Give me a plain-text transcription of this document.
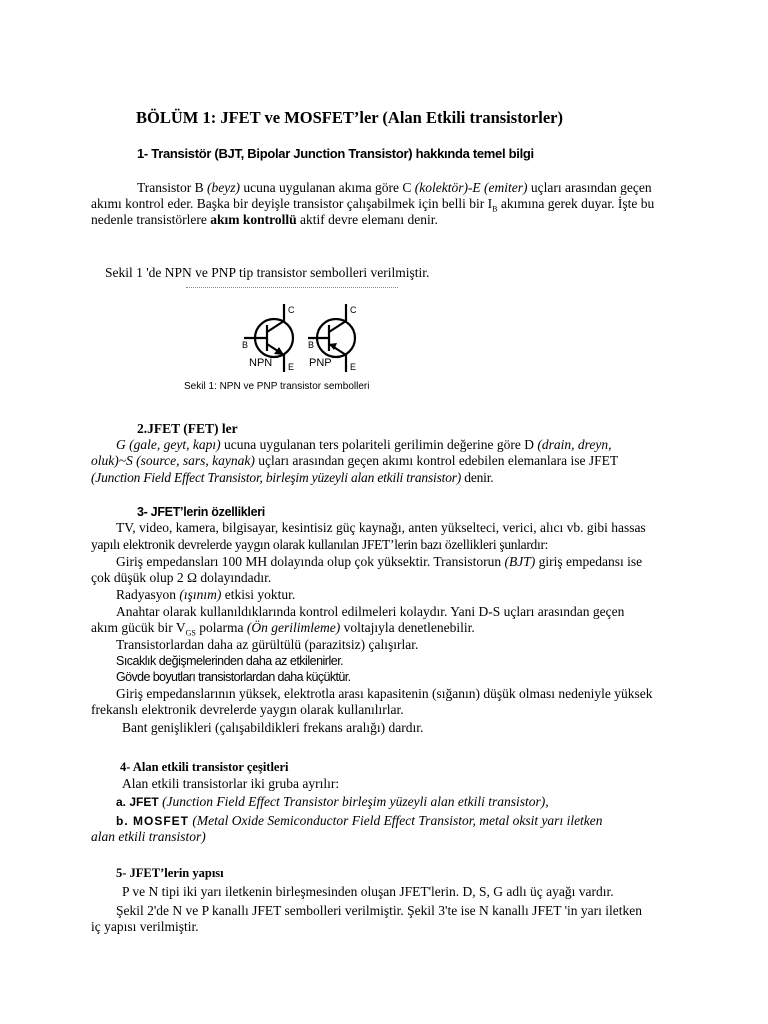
BÖLÜM 1: JFET ve MOSFET’ler (Alan Etkili transistorler)
1- Transistör (BJT, Bipolar Junction Transistor) hakkında temel bilgi
Transistor B (beyz) ucuna uygulanan akıma göre C (kolektör)-E (emiter) uçları arasından geçen
akımı kontrol eder. Başka bir deyişle transistor çalışabilmek için belli bir $I_B$ akımına gerek duyar. İşte bu
nedenle transistörlere akım kontrollü aktif devre elemanı denir.
Sekil 1 'de NPN ve PNP tip transistor sembolleri verilmiştir.
C
B
E
C
B
E
NPN	PNP
Sekil 1: NPN ve PNP transistor sembolleri
2.JFET (FET) ler
G (gale, geyt, kapı) ucuna uygulanan ters polariteli gerilimin değerine göre D (drain, dreyn,
oluk)~S (source, sars, kaynak) uçları arasından geçen akımı kontrol edebilen elemanlara ise JFET
(Junction Field Effect Transistor, birleşim yüzeyli alan etkili transistor) denir.
3- JFET’lerin özellikleri
TV, video, kamera, bilgisayar, kesintisiz güç kaynağı, anten yükselteci, verici, alıcı vb. gibi hassas
yapılı elektronik devrelerde yaygın olarak kullanılan JFET’lerin bazı özellikleri şunlardır:
Giriş empedansları 100 MH dolayında olup çok yüksektir. Transistorun (BJT) giriş empedansı ise
çok düşük olup 2 Ω dolayındadır.
Radyasyon (ışınım) etkisi yoktur.
Anahtar olarak kullanıldıklarında kontrol edilmeleri kolaydır. Yani D-S uçları arasından geçen
akım gücük bir $V_{GS}$ polarma (Ön gerilimleme) voltajıyla denetlenebilir.
Transistorlardan daha az gürültülü (parazitsiz) çalışırlar.
Sıcaklık değişmelerinden daha az etkilenirler.
Gövde boyutları transistorlardan daha küçüktür.
Giriş empedanslarının yüksek, elektrotla arası kapasitenin (sığanın) düşük olması nedeniyle yüksek
frekanslı elektronik devrelerde yaygın olarak kullanılırlar.
Bant genişlikleri (çalışabildikleri frekans aralığı) dardır.
4- Alan etkili transistor çeşitleri
Alan etkili transistorlar iki gruba ayrılır:
a. JFET (Junction Field Effect Transistor birleşim yüzeyli alan etkili transistor),
b. MOSFET (Metal Oxide Semiconductor Field Effect Transistor, metal oksit yarı iletken
alan etkili transistor)
5- JFET’lerin yapısı
P ve N tipi iki yarı iletkenin birleşmesinden oluşan JFET'lerin. D, S, G adlı üç ayağı vardır.
Şekil 2'de N ve P kanallı JFET sembolleri verilmiştir. Şekil 3'te ise N kanallı JFET 'in yarı iletken
iç yapısı verilmiştir.
